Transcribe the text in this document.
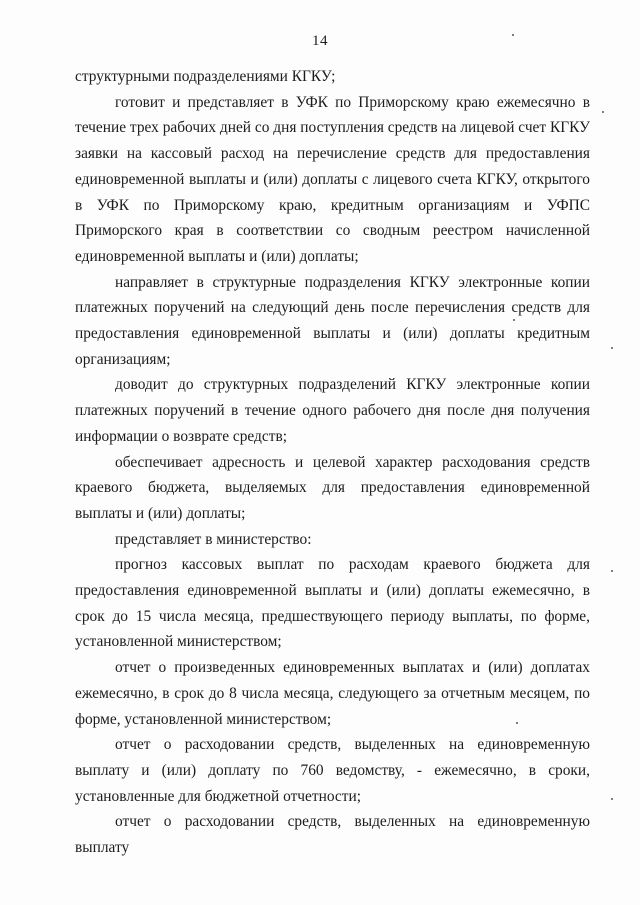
14

структурными подразделениями КГКУ;

готовит и представляет в УФК по Приморскому краю ежемесячно в течение трех рабочих дней со дня поступления средств на лицевой счет КГКУ заявки на кассовый расход на перечисление средств для предоставления единовременной выплаты и (или) доплаты с лицевого счета КГКУ, открытого в УФК по Приморскому краю, кредитным организациям и УФПС Приморского края в соответствии со сводным реестром начисленной единовременной выплаты и (или) доплаты;

направляет в структурные подразделения КГКУ электронные копии платежных поручений на следующий день после перечисления средств для предоставления единовременной выплаты и (или) доплаты кредитным организациям;

доводит до структурных подразделений КГКУ электронные копии платежных поручений в течение одного рабочего дня после дня получения информации о возврате средств;

обеспечивает адресность и целевой характер расходования средств краевого бюджета, выделяемых для предоставления единовременной выплаты и (или) доплаты;

представляет в министерство:

прогноз кассовых выплат по расходам краевого бюджета для предоставления единовременной выплаты и (или) доплаты ежемесячно, в срок до 15 числа месяца, предшествующего периоду выплаты, по форме, установленной министерством;

отчет о произведенных единовременных выплатах и (или) доплатах ежемесячно, в срок до 8 числа месяца, следующего за отчетным месяцем, по форме, установленной министерством;

отчет о расходовании средств, выделенных на единовременную выплату и (или) доплату по 760 ведомству, - ежемесячно, в сроки, установленные для бюджетной отчетности;

отчет о расходовании средств, выделенных на единовременную выплату
